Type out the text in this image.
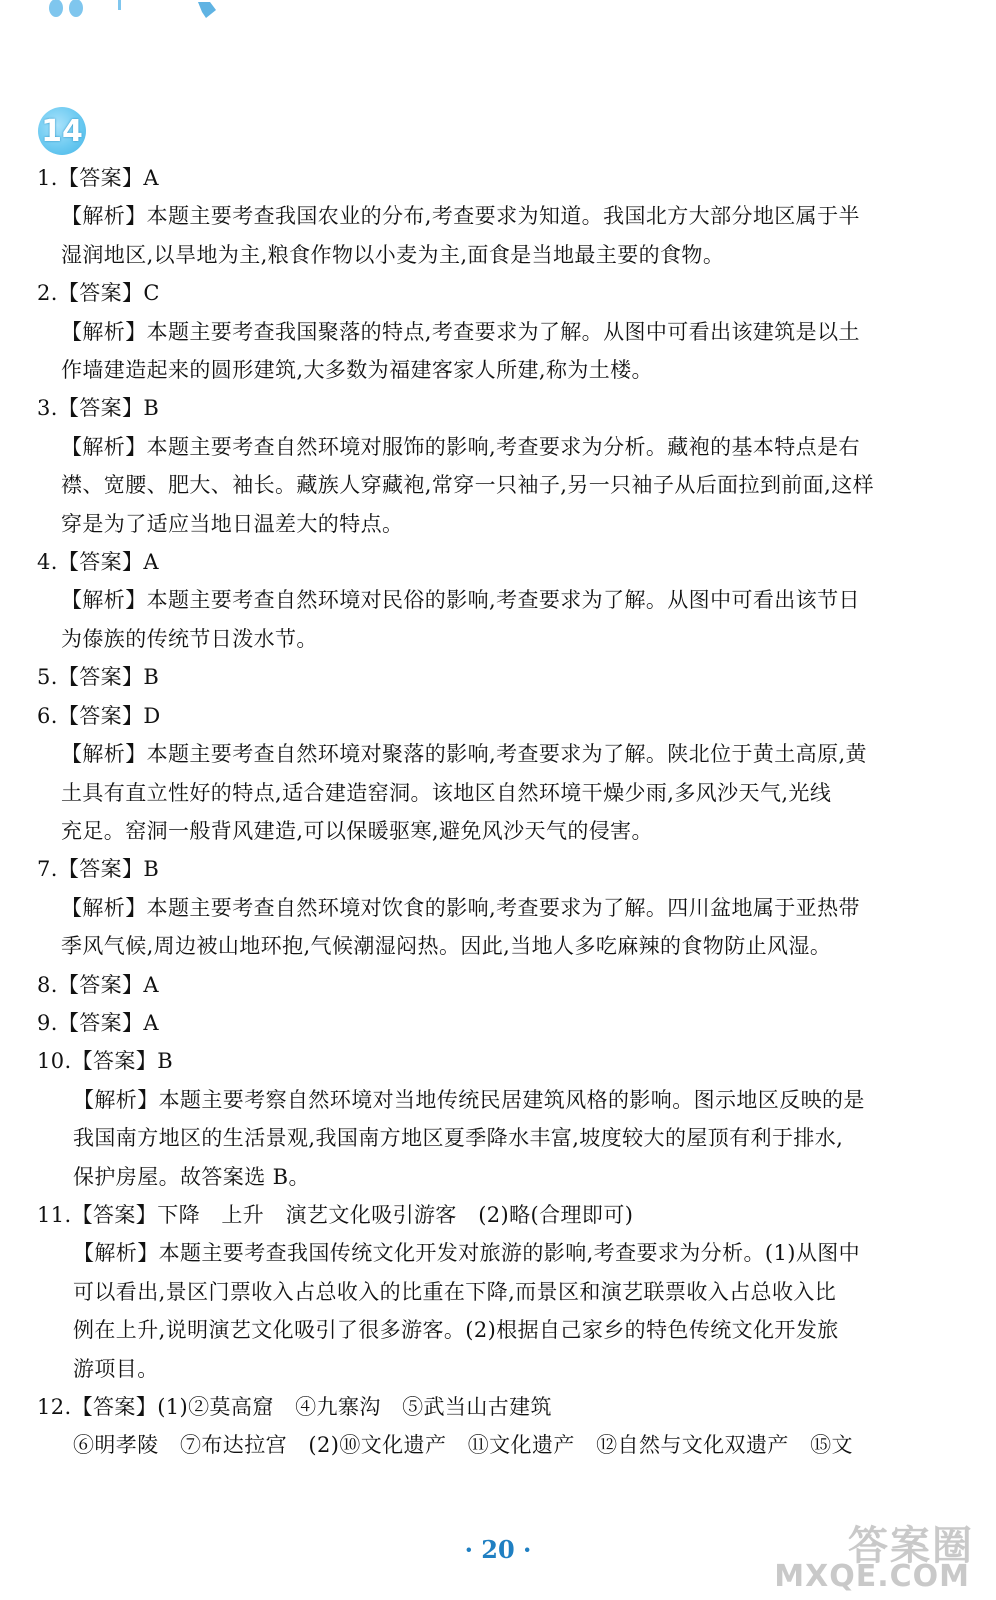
14
1.【答案】A
【解析】本题主要考查我国农业的分布,考查要求为知道。我国北方大部分地区属于半
湿润地区,以旱地为主,粮食作物以小麦为主,面食是当地最主要的食物。
2.【答案】C
【解析】本题主要考查我国聚落的特点,考查要求为了解。从图中可看出该建筑是以土
作墙建造起来的圆形建筑,大多数为福建客家人所建,称为土楼。
3.【答案】B
【解析】本题主要考查自然环境对服饰的影响,考查要求为分析。藏袍的基本特点是右
襟、宽腰、肥大、袖长。藏族人穿藏袍,常穿一只袖子,另一只袖子从后面拉到前面,这样
穿是为了适应当地日温差大的特点。
4.【答案】A
【解析】本题主要考查自然环境对民俗的影响,考查要求为了解。从图中可看出该节日
为傣族的传统节日泼水节。
5.【答案】B
6.【答案】D
【解析】本题主要考查自然环境对聚落的影响,考查要求为了解。陕北位于黄土高原,黄
土具有直立性好的特点,适合建造窑洞。该地区自然环境干燥少雨,多风沙天气,光线
充足。窑洞一般背风建造,可以保暖驱寒,避免风沙天气的侵害。
7.【答案】B
【解析】本题主要考查自然环境对饮食的影响,考查要求为了解。四川盆地属于亚热带
季风气候,周边被山地环抱,气候潮湿闷热。因此,当地人多吃麻辣的食物防止风湿。
8.【答案】A
9.【答案】A
10.【答案】B
【解析】本题主要考察自然环境对当地传统民居建筑风格的影响。图示地区反映的是
我国南方地区的生活景观,我国南方地区夏季降水丰富,坡度较大的屋顶有利于排水,
保护房屋。故答案选 B。
11.【答案】下降　上升　演艺文化吸引游客　(2)略(合理即可)
【解析】本题主要考查我国传统文化开发对旅游的影响,考查要求为分析。(1)从图中
可以看出,景区门票收入占总收入的比重在下降,而景区和演艺联票收入占总收入比
例在上升,说明演艺文化吸引了很多游客。(2)根据自己家乡的特色传统文化开发旅
游项目。
12.【答案】(1)②莫高窟　④九寨沟　⑤武当山古建筑
⑥明孝陵　⑦布达拉宫　(2)⑩文化遗产　⑪文化遗产　⑫自然与文化双遗产　⑮文
· 20 ·	答案圈
MXQE.COM
